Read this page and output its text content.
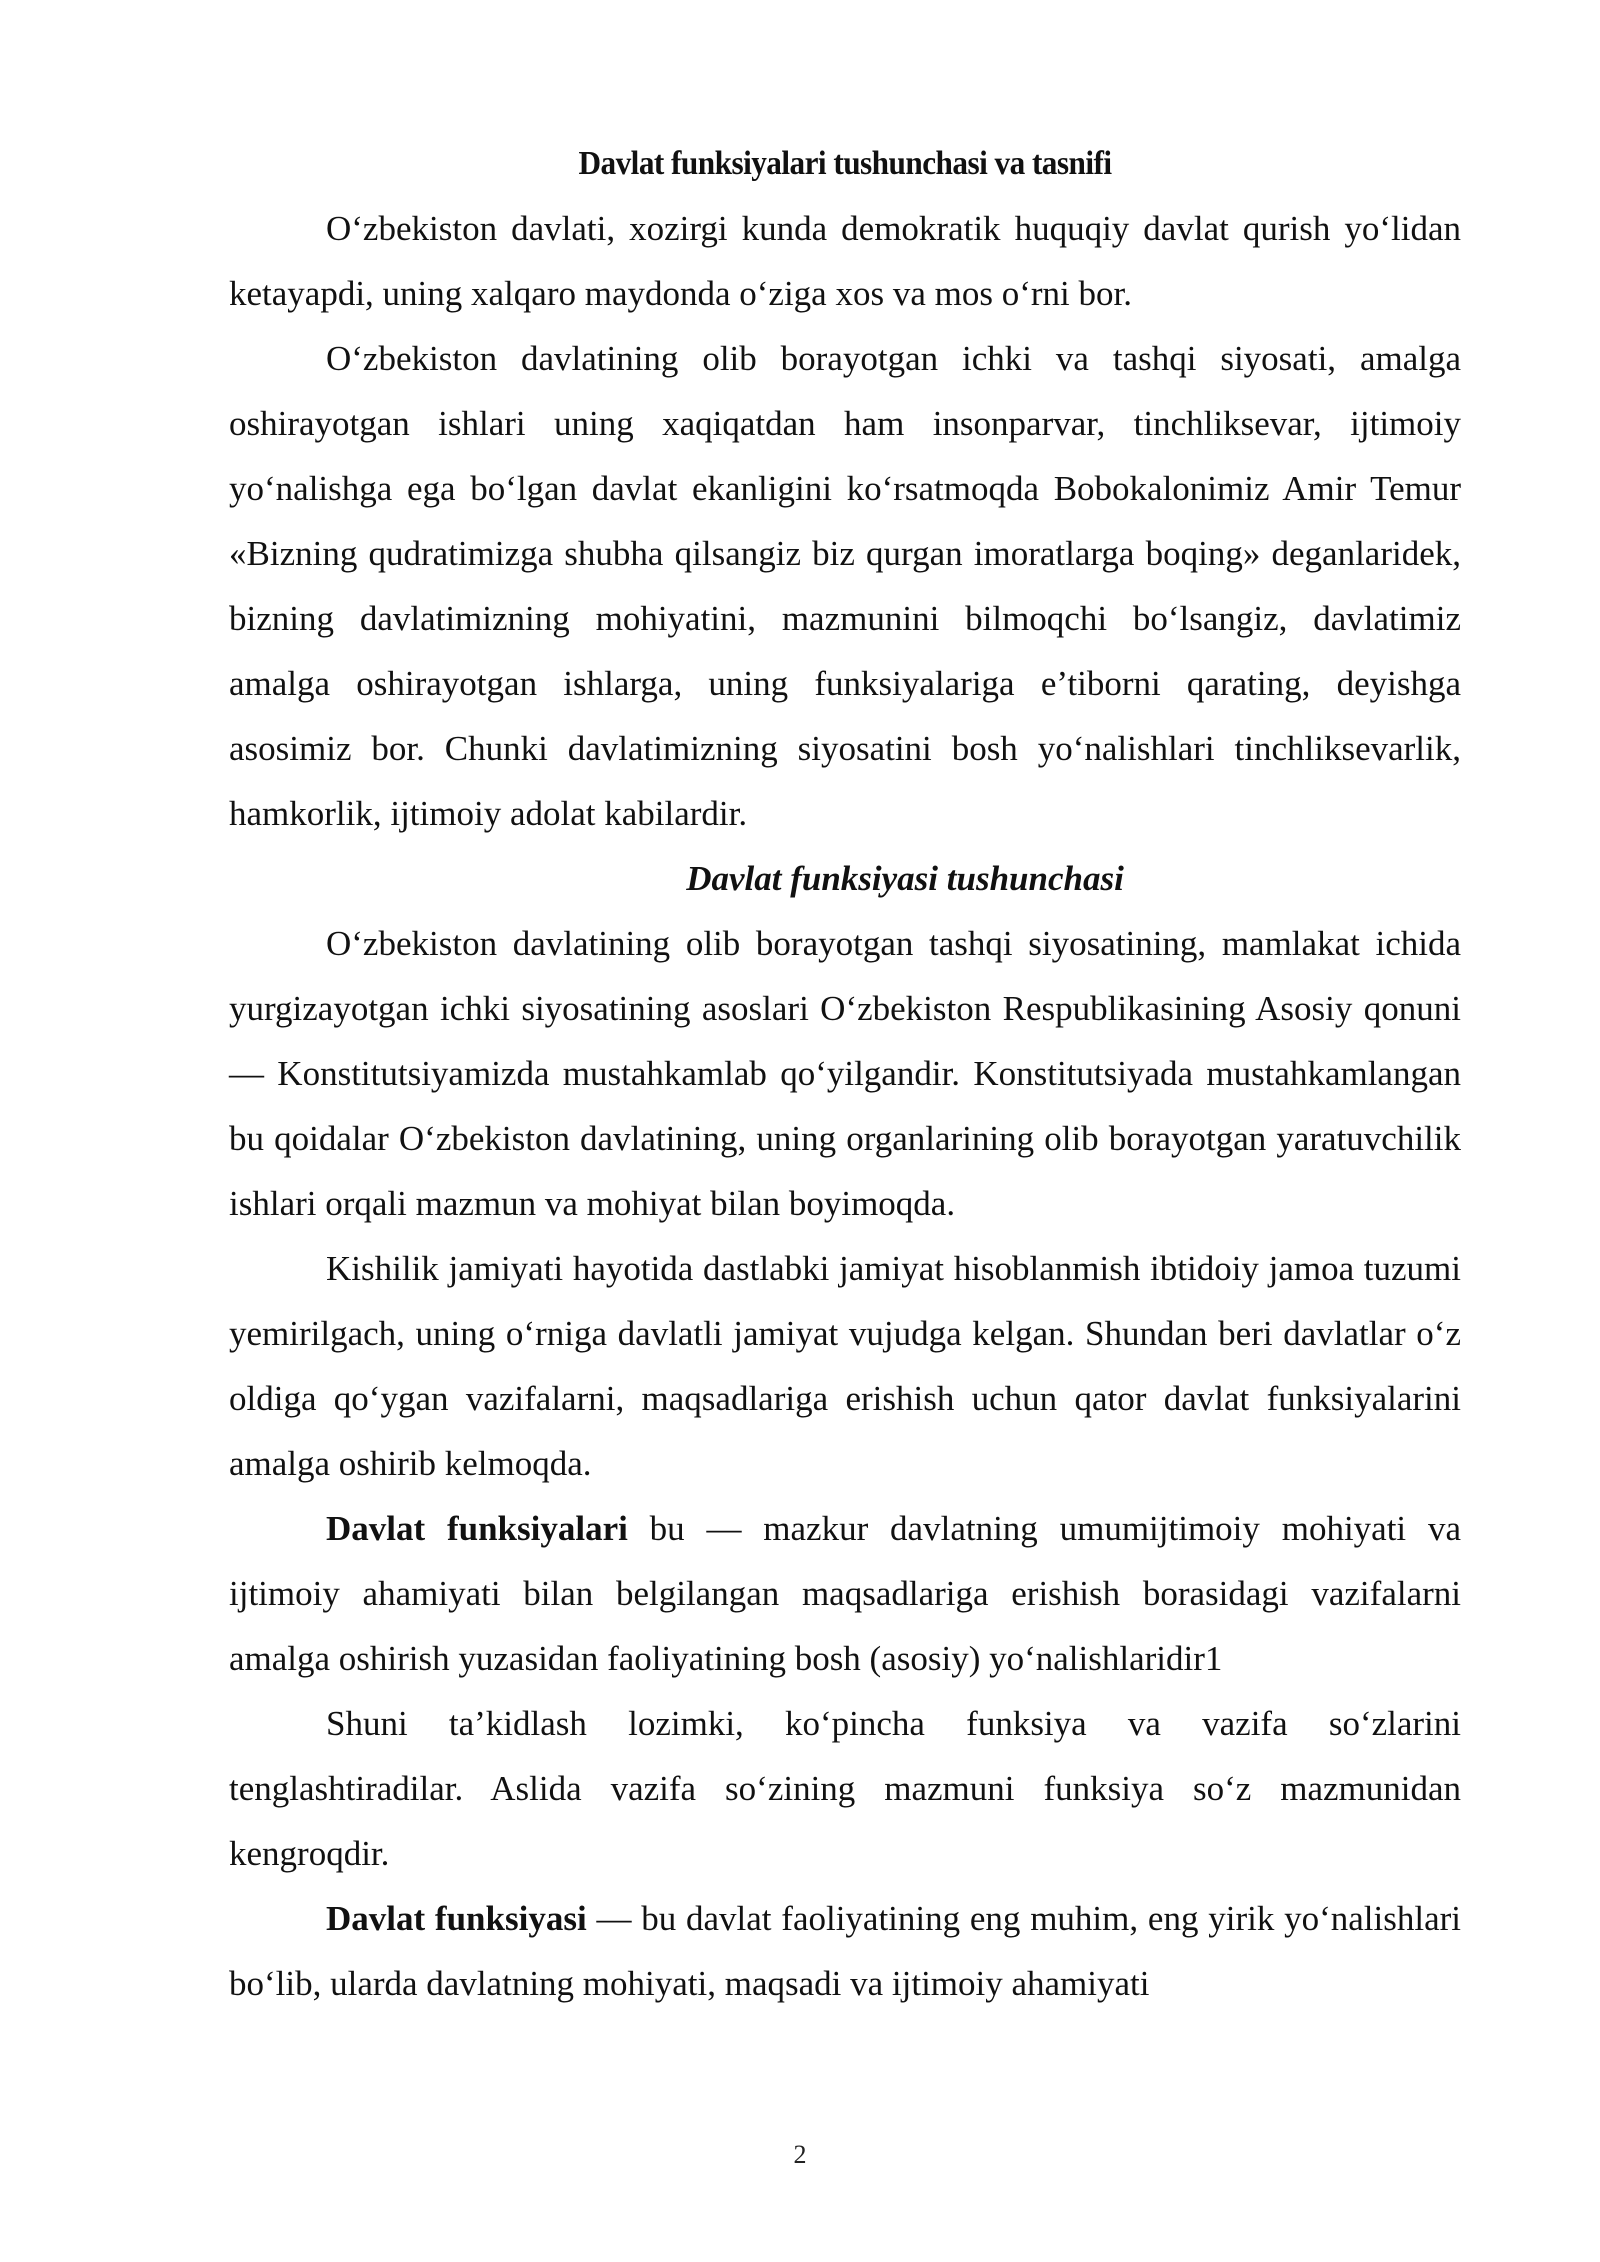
Davlat funksiyalari tushunchasi va tasnifi

O‘zbekiston davlati, xozirgi kunda demokratik huquqiy davlat qurish yo‘lidan ketayapdi, uning xalqaro maydonda o‘ziga xos va mos o‘rni bor.

O‘zbekiston davlatining olib borayotgan ichki va tashqi siyosati, amalga oshirayotgan ishlari uning xaqiqatdan ham insonparvar, tinchliksevar, ijtimoiy yo‘nalishga ega bo‘lgan davlat ekanligini ko‘rsatmoqda Bobokalonimiz Amir Temur «Bizning qudratimizga shubha qilsangiz biz qurgan imoratlarga boqing» deganlaridek, bizning davlatimizning mohiyatini, mazmunini bilmoqchi bo‘lsangiz, davlatimiz amalga oshirayotgan ishlarga, uning funksiyalariga e’tiborni qarating, deyishga asosimiz bor. Chunki davlatimizning siyosatini bosh yo‘nalishlari tinchliksevarlik, hamkorlik, ijtimoiy adolat kabilardir.

Davlat funksiyasi tushunchasi

O‘zbekiston davlatining olib borayotgan tashqi siyosatining, mamlakat ichida yurgizayotgan ichki siyosatining asoslari O‘zbekiston Respublikasining Asosiy qonuni — Konstitutsiyamizda mustahkamlab qo‘yilgandir. Konstitutsiyada mustahkamlangan bu qoidalar O‘zbekiston davlatining, uning organlarining olib borayotgan yaratuvchilik ishlari orqali mazmun va mohiyat bilan boyimoqda.

Kishilik jamiyati hayotida dastlabki jamiyat hisoblanmish ibtidoiy jamoa tuzumi yemirilgach, uning o‘rniga davlatli jamiyat vujudga kelgan. Shundan beri davlatlar o‘z oldiga qo‘ygan vazifalarni, maqsadlariga erishish uchun qator davlat funksiyalarini amalga oshirib kelmoqda.

Davlat funksiyalari bu — mazkur davlatning umumijtimoiy mohiyati va ijtimoiy ahamiyati bilan belgilangan maqsadlariga erishish borasidagi vazifalarni amalga oshirish yuzasidan faoliyatining bosh (asosiy) yo‘nalishlaridir1

Shuni ta’kidlash lozimki, ko‘pincha funksiya va vazifa so‘zlarini tenglashtiradilar. Aslida vazifa so‘zining mazmuni funksiya so‘z mazmunidan kengroqdir.

Davlat funksiyasi — bu davlat faoliyatining eng muhim, eng yirik yo‘nalishlari bo‘lib, ularda davlatning mohiyati, maqsadi va ijtimoiy ahamiyati

2
